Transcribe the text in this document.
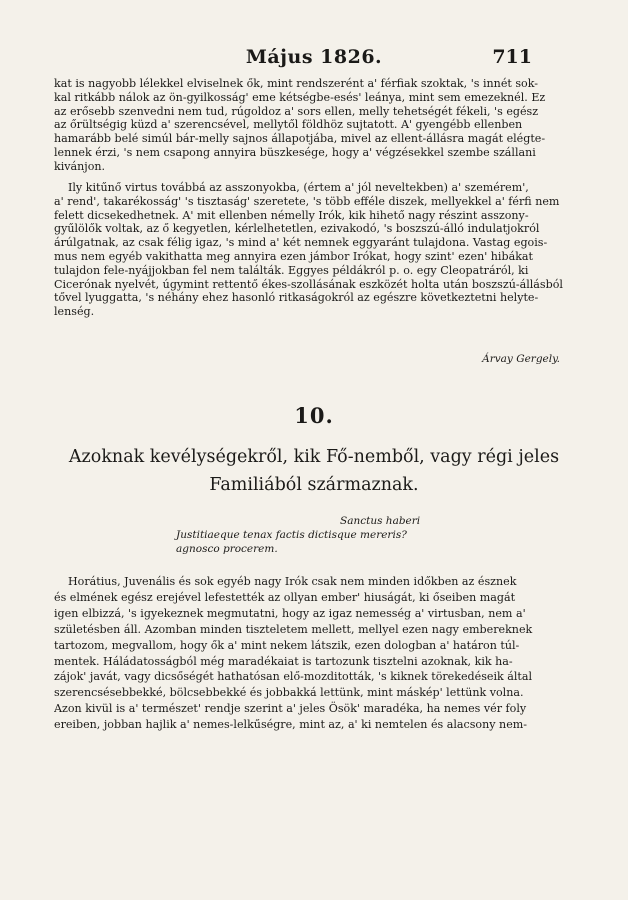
Május 1826.	711
kat is nagyobb lélekkel elviselnek ők, mint rendszerént a' férfiak szoktak, 's innét sok-
kal ritkább nálok az ön-gyilkosság' eme kétségbe-esés' leánya, mint sem emezeknél. Ez
az erősebb szenvedni nem tud, rúgoldoz a' sors ellen, melly tehetségét fékeli, 's egész
az őrültségig küzd a' szerencsével, mellytől földhöz sujtatott. A' gyengébb ellenben
hamarább belé simúl bár-melly sajnos állapotjába, mivel az ellent-állásra magát elégte-
lennek érzi, 's nem csapong annyira büszkesége, hogy a' végzésekkel szembe szállani
kivánjon.
Ily kitűnő virtus továbbá az asszonyokba, (értem a' jól neveltekben) a' szemérem',
a' rend', takarékosság' 's tisztaság' szeretete, 's több efféle diszek, mellyekkel a' férfi nem
felett dicsekedhetnek. A' mit ellenben némelly Irók, kik hihető nagy részint asszony-
gyűlölők voltak, az ő kegyetlen, kérlelhetetlen, ezivakodó, 's boszszú-álló indulatjokról
árúlgatnak, az csak félig igaz, 's mind a' két nemnek eggyaránt tulajdona. Vastag egois-
mus nem egyéb vakithatta meg annyira ezen jámbor Irókat, hogy szint' ezen' hibákat
tulajdon fele-nyájjokban fel nem találták. Eggyes példákról p. o. egy Cleopatráról, ki
Cicerónak nyelvét, úgymint rettentő ékes-szollásának eszközét holta után boszszú-állásból
tővel lyuggatta, 's néhány ehez hasonló ritkaságokról az egészre következtetni helyte-
lenség.
Árvay Gergely.
10.
Azoknak kevélységekről, kik Fő-nemből, vagy régi jeles
Familiából származnak.
Sanctus haberi
Justitiaeque tenax factis dictisque mereris?
agnosco procerem.
Horátius, Juvenális és sok egyéb nagy Irók csak nem minden időkben az észnek
és elmének egész erejével lefestették az ollyan ember' hiuságát, ki őseiben magát
igen elbizzá, 's igyekeznek megmutatni, hogy az igaz nemesség a' virtusban, nem a'
születésben áll. Azomban minden tiszteletem mellett, mellyel ezen nagy embereknek
tartozom, megvallom, hogy ők a' mint nekem látszik, ezen dologban a' határon túl-
mentek. Háládatosságból még maradékaiat is tartozunk tisztelni azoknak, kik ha-
zájok' javát, vagy dicsőségét hathatósan elő-mozditották, 's kiknek törekedéseik által
szerencsésebbekké, bölcsebbekké és jobbakká lettünk, mint máskép' lettünk volna.
Azon kivül is a' természet' rendje szerint a' jeles Ösök' maradéka, ha nemes vér foly
ereiben, jobban hajlik a' nemes-lelkűségre, mint az, a' ki nemtelen és alacsony nem-
